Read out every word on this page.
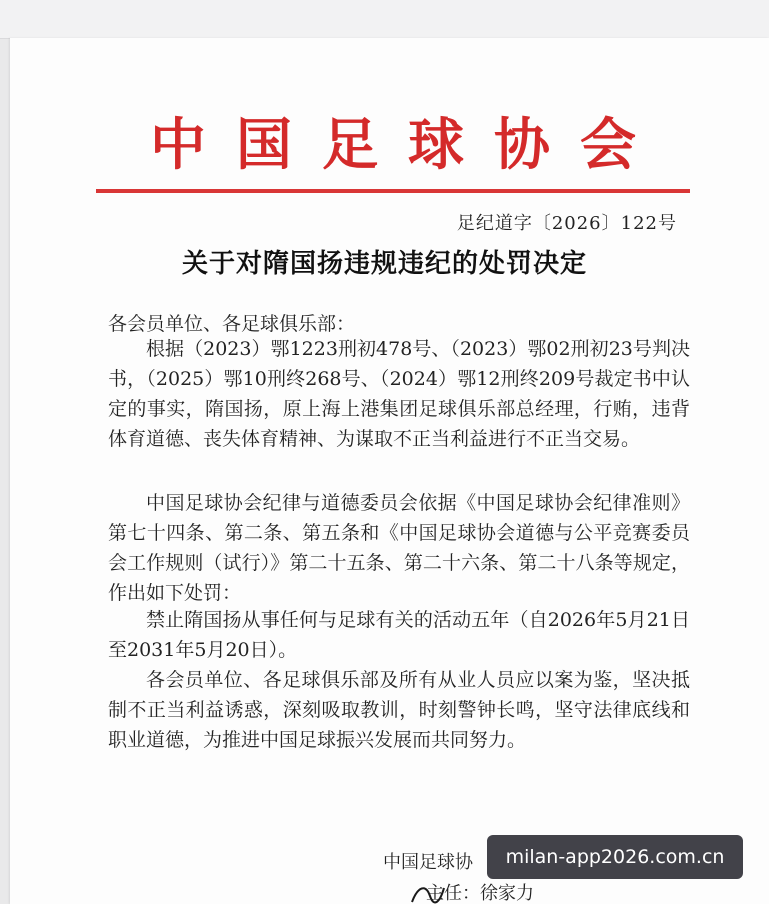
中国足球协会
足纪道字〔2026〕122号
关于对隋国扬违规违纪的处罚决定
各会员单位、各足球俱乐部：

根据（2023）鄂1223刑初478号、（2023）鄂02刑初23号判决书，（2025）鄂10刑终268号、（2024）鄂12刑终209号裁定书中认定的事实，隋国扬，原上海上港集团足球俱乐部总经理，行贿，违背体育道德、丧失体育精神、为谋取不正当利益进行不正当交易。

中国足球协会纪律与道德委员会依据《中国足球协会纪律准则》第七十四条、第二条、第五条和《中国足球协会道德与公平竞赛委员会工作规则（试行）》第二十五条、第二十六条、第二十八条等规定，作出如下处罚：

禁止隋国扬从事任何与足球有关的活动五年（自2026年5月21日至2031年5月20日）。

各会员单位、各足球俱乐部及所有从业人员应以案为鉴，坚决抵制不正当利益诱惑，深刻吸取教训，时刻警钟长鸣，坚守法律底线和职业道德，为推进中国足球振兴发展而共同努力。

中国足球协
主任：徐家力
milan-app2026.com.cn
